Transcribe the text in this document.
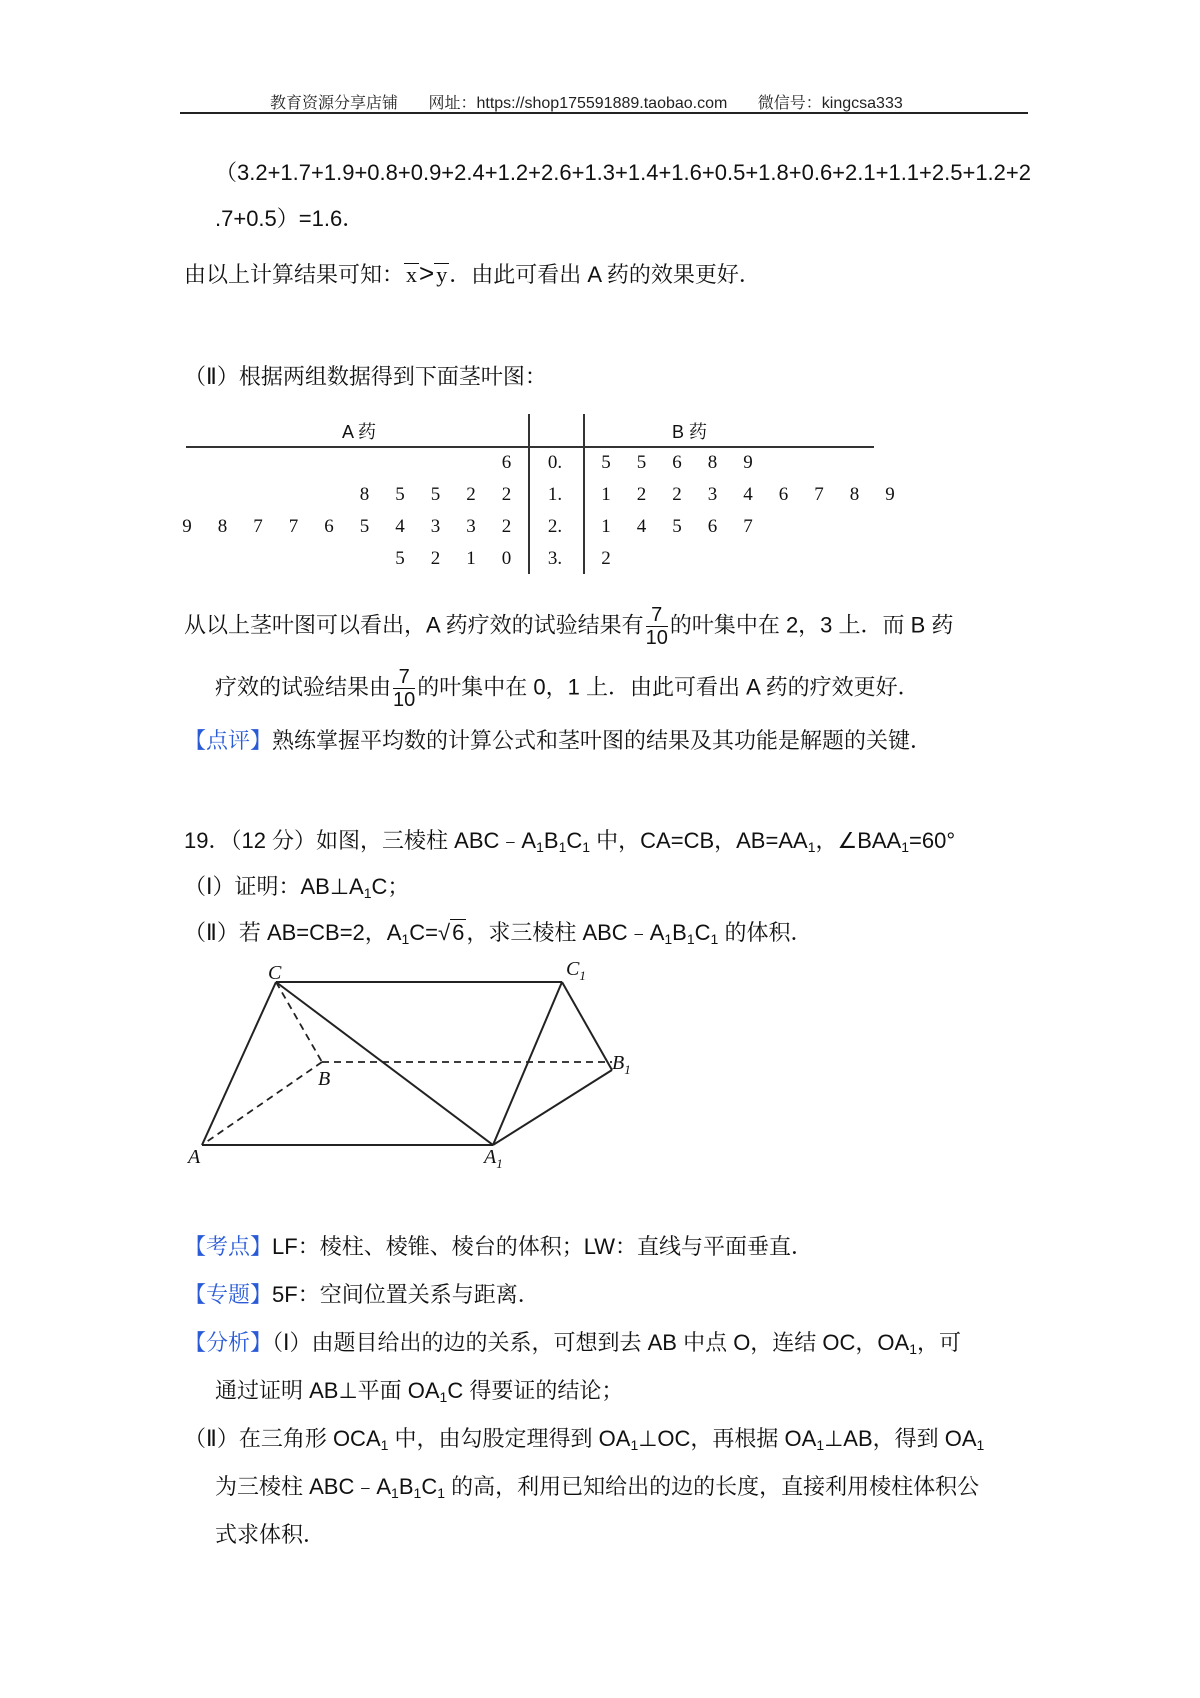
教育资源分享店铺 网址：https://shop175591889.taobao.com 微信号：kingcsa333
（3.2+1.7+1.9+0.8+0.9+2.4+1.2+2.6+1.3+1.4+1.6+0.5+1.8+0.6+2.1+1.1+2.5+1.2+2
.7+0.5）=1.6．
由以上计算结果可知：x>y．由此可看出 A 药的效果更好．
（Ⅱ）根据两组数据得到下面茎叶图：
A 药	B 药
6	0.	5 5 6 8 9
8 5 5 2 2	1.	1 2 2 3 4 6 7 8 9
9 8 7 7 6 5 4 3 3 2	2.	1 4 5 6 7
5 2 1 0	3.	2
从以上茎叶图可以看出，A 药疗效的试验结果有 $\frac{7}{10}$ 的叶集中在 2，3 上．而 B 药
疗效的试验结果由 $\frac{7}{10}$ 的叶集中在 0，1 上．由此可看出 A 药的疗效更好．
【点评】熟练掌握平均数的计算公式和茎叶图的结果及其功能是解题的关键．
19．（12 分）如图，三棱柱 $ABC﹣A_1B_1C_1$ 中，CA=CB，$AB=AA_1$，$\angle BAA_1=60^\circ$
（Ⅰ）证明：$AB\perp A_1C$；
（Ⅱ）若 AB=CB=2，$A_1C=√6$，求三棱柱 $ABC﹣A_1B_1C_1$ 的体积．
C	$C_1$
B
$B_1$
A	$A_1$
【考点】LF：棱柱、棱锥、棱台的体积；LW：直线与平面垂直．
【专题】5F：空间位置关系与距离．
【分析】（Ⅰ）由题目给出的边的关系，可想到去 AB 中点 O，连结 OC，$OA_1$，可
通过证明 AB⊥平面 $OA_1C$ 得要证的结论；
（Ⅱ）在三角形 $OCA_1$ 中，由勾股定理得到 $OA_1\perp OC$，再根据 $OA_1\perp AB$，得到 $OA_1$
为三棱柱 $ABC﹣A_1B_1C_1$ 的高，利用已知给出的边的长度，直接利用棱柱体积公
式求体积．
